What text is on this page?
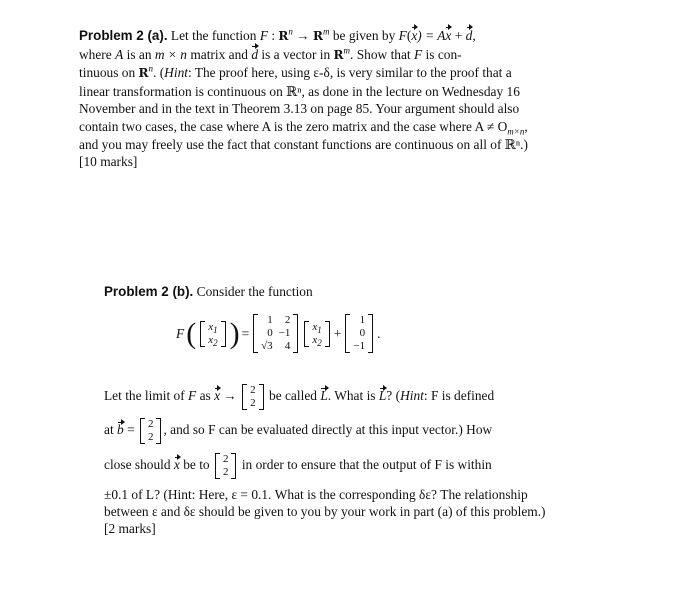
Problem 2 (a). Let the function F : $R^n \to R^m$ be given by F(x) = Ax + d,
where A is an m × n matrix and d is a vector in $R^m$. Show that F is con-
tinuous on $R^n$. (Hint: The proof here, using ε-δ, is very similar to the proof that a linear transformation is continuous on ℝⁿ, as done in the lecture on Wednesday 16 November and in the text in Theorem 3.13 on page 85. Your argument should also contain two cases, the case where A is the zero matrix and the case where $A \ne O_{m\times n}$, and you may freely use the fact that constant functions are continuous on all of ℝⁿ.) [10 marks]
Problem 2 (b). Consider the function
F ( $x_1$
$x_2$ ) =
1	2
0	−1
√3	4
$x_1$
$x_2$
+
1
0
−1
.
Let the limit of F as x → 2
2 be called L. What is L? (Hint: F is defined
at b = 2
2 , and so F can be evaluated directly at this input vector.) How
close should x be to 2
2 in order to ensure that the output of F is within
±0.1 of L? (Hint: Here, ε = 0.1. What is the corresponding δε? The relationship between ε and δε should be given to you by your work in part (a) of this problem.) [2 marks]
